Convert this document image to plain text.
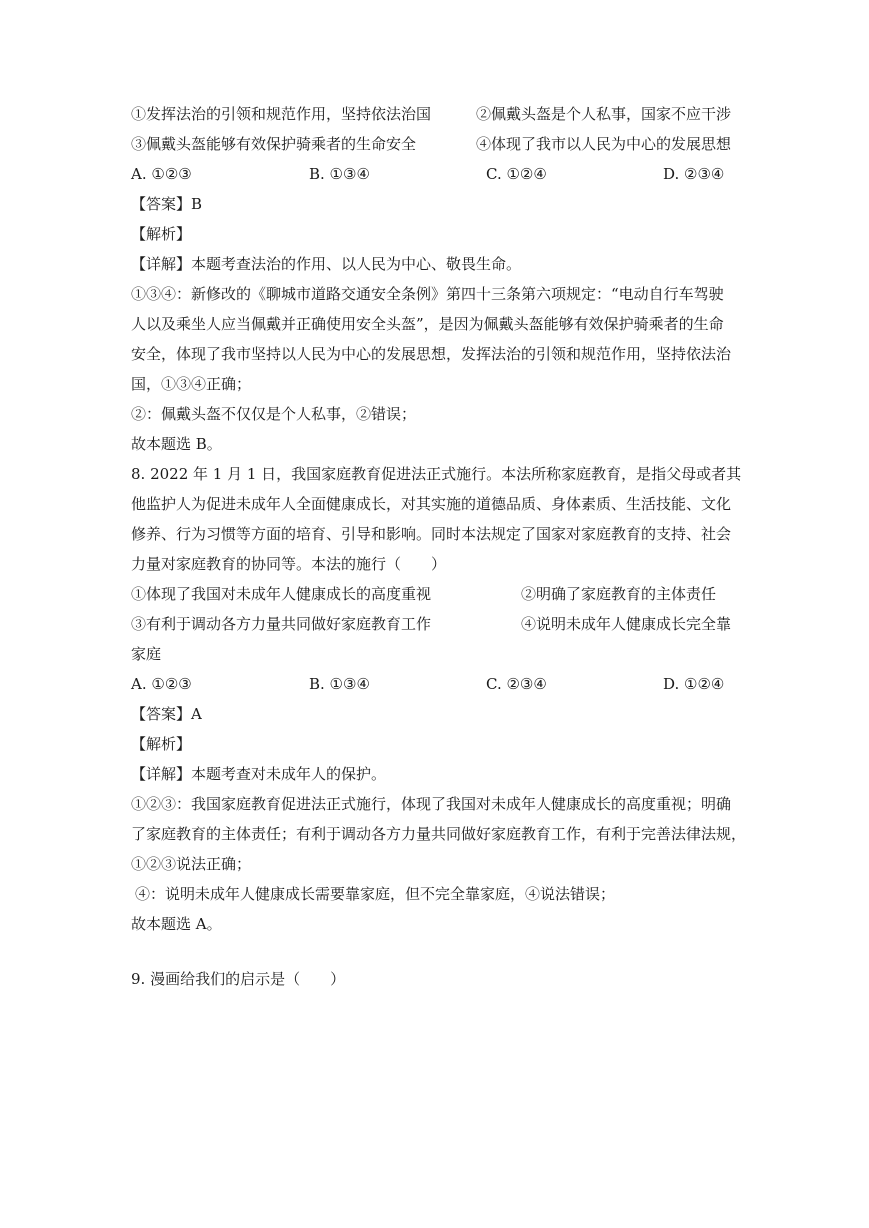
①发挥法治的引领和规范作用，坚持依法治国	②佩戴头盔是个人私事，国家不应干涉
③佩戴头盔能够有效保护骑乘者的生命安全	④体现了我市以人民为中心的发展思想
A. ①②③	B. ①③④	C. ①②④	D. ②③④
【答案】B
【解析】
【详解】本题考查法治的作用、以人民为中心、敬畏生命。
①③④：新修改的《聊城市道路交通安全条例》第四十三条第六项规定：“电动自行车驾驶
人以及乘坐人应当佩戴并正确使用安全头盔”，是因为佩戴头盔能够有效保护骑乘者的生命
安全，体现了我市坚持以人民为中心的发展思想，发挥法治的引领和规范作用，坚持依法治
国，①③④正确；
②：佩戴头盔不仅仅是个人私事，②错误；
故本题选 B。
8. 2022 年 1 月 1 日，我国家庭教育促进法正式施行。本法所称家庭教育，是指父母或者其
他监护人为促进未成年人全面健康成长，对其实施的道德品质、身体素质、生活技能、文化
修养、行为习惯等方面的培育、引导和影响。同时本法规定了国家对家庭教育的支持、社会
力量对家庭教育的协同等。本法的施行（　　）
①体现了我国对未成年人健康成长的高度重视	②明确了家庭教育的主体责任
③有利于调动各方力量共同做好家庭教育工作	④说明未成年人健康成长完全靠
家庭
A. ①②③	B. ①③④	C. ②③④	D. ①②④
【答案】A
【解析】
【详解】本题考查对未成年人的保护。
①②③：我国家庭教育促进法正式施行，体现了我国对未成年人健康成长的高度重视；明确
了家庭教育的主体责任；有利于调动各方力量共同做好家庭教育工作，有利于完善法律法规，
①②③说法正确；
④：说明未成年人健康成长需要靠家庭，但不完全靠家庭，④说法错误；
故本题选 A。
9. 漫画给我们的启示是（　　）
